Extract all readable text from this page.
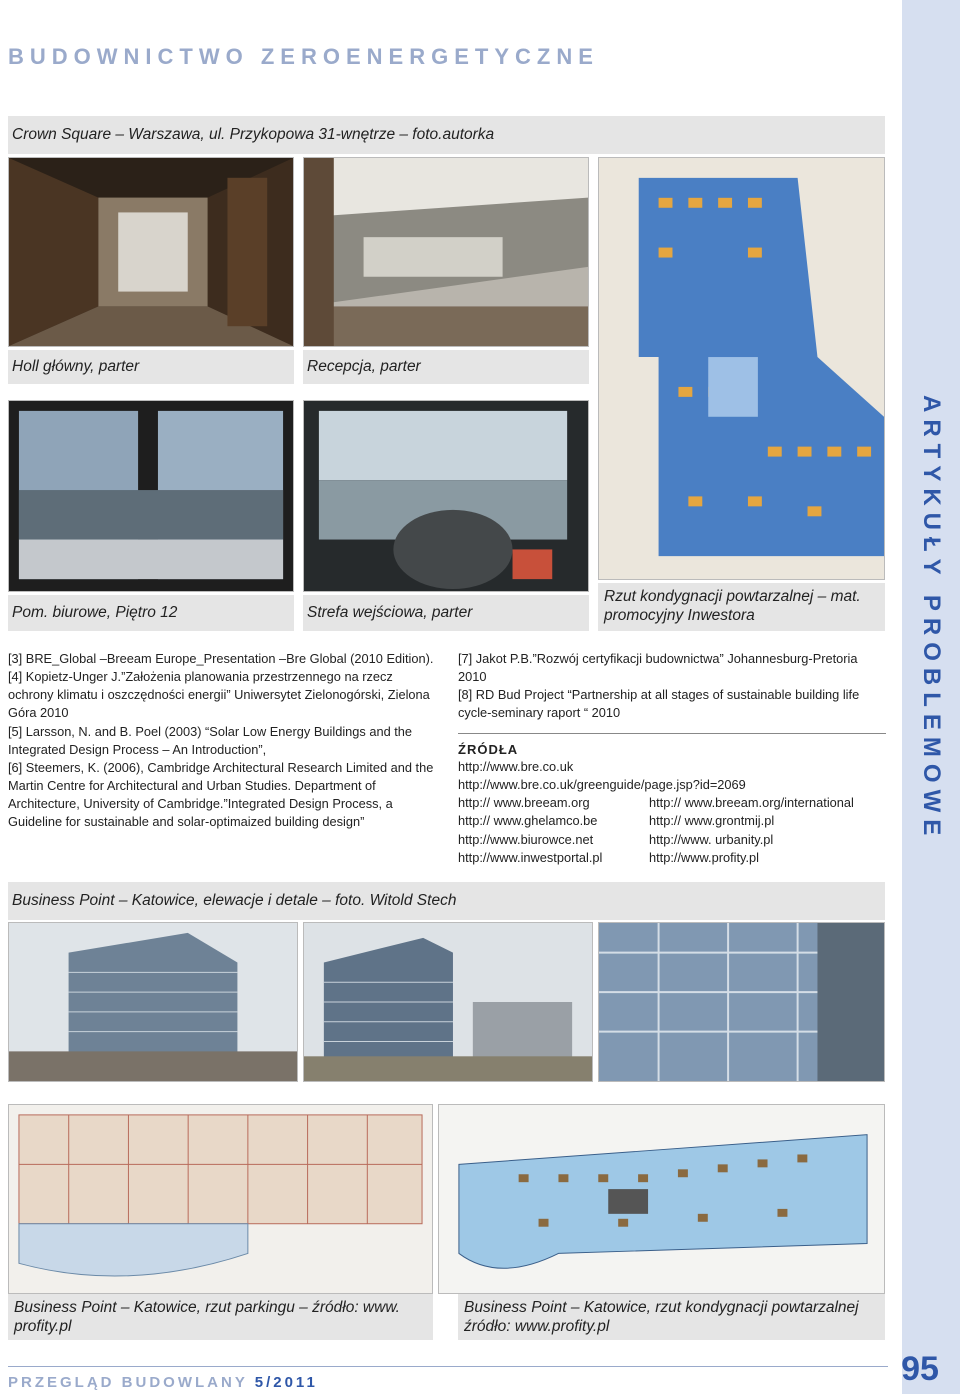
BUDOWNICTWO ZEROENERGETYCZNE
ARTYKUŁY PROBLEMOWE
Crown Square – Warszawa, ul. Przykopowa 31-wnętrze – foto.autorka
Holl główny, parter	Recepcja, parter
Pom. biurowe, Piętro 12	Strefa wejściowa, parter
Rzut kondygnacji powtarzalnej – mat.
promocyjny Inwestora

[3] BRE_Global –Breeam Europe_Presentation –Bre Global (2010 Edition).

[4] Kopietz-Unger J.”Założenia planowania przestrzennego na rzecz ochrony klimatu i oszczędności energii” Uniwersytet Zielonogórski, Zielona Góra 2010

[5] Larsson, N. and B. Poel (2003) “Solar Low Energy Buildings and the Integrated Design Process – An Introduction”,

[6] Steemers, K. (2006), Cambridge Architectural Research Limited and the Martin Centre for Architectural and Urban Studies. Department of Architecture, University of Cambridge.”Integrated Design Process, a Guideline for sustainable and solar-optimaized building design”

[7] Jakot P.B.”Rozwój certyfikacji budownictwa” Johannesburg-Pretoria 2010

[8] RD Bud Project “Partnership at all stages of sustainable building life cycle-seminary raport “ 2010

ŹRÓDŁA
http://www.bre.co.uk
http://www.bre.co.uk/greenguide/page.jsp?id=2069
http:// www.breeam.org	http:// www.breeam.org/international
http:// www.ghelamco.be	http:// www.grontmij.pl
http://www.biurowce.net	http://www. urbanity.pl
http://www.inwestportal.pl	http://www.profity.pl
Business Point – Katowice, elewacje i detale – foto. Witold Stech
Business Point – Katowice, rzut parkingu – źródło: www.
profity.pl
Business Point – Katowice, rzut kondygnacji powtarzalnej
źródło: www.profity.pl
PRZEGLĄD BUDOWLANY 5/2011	95
